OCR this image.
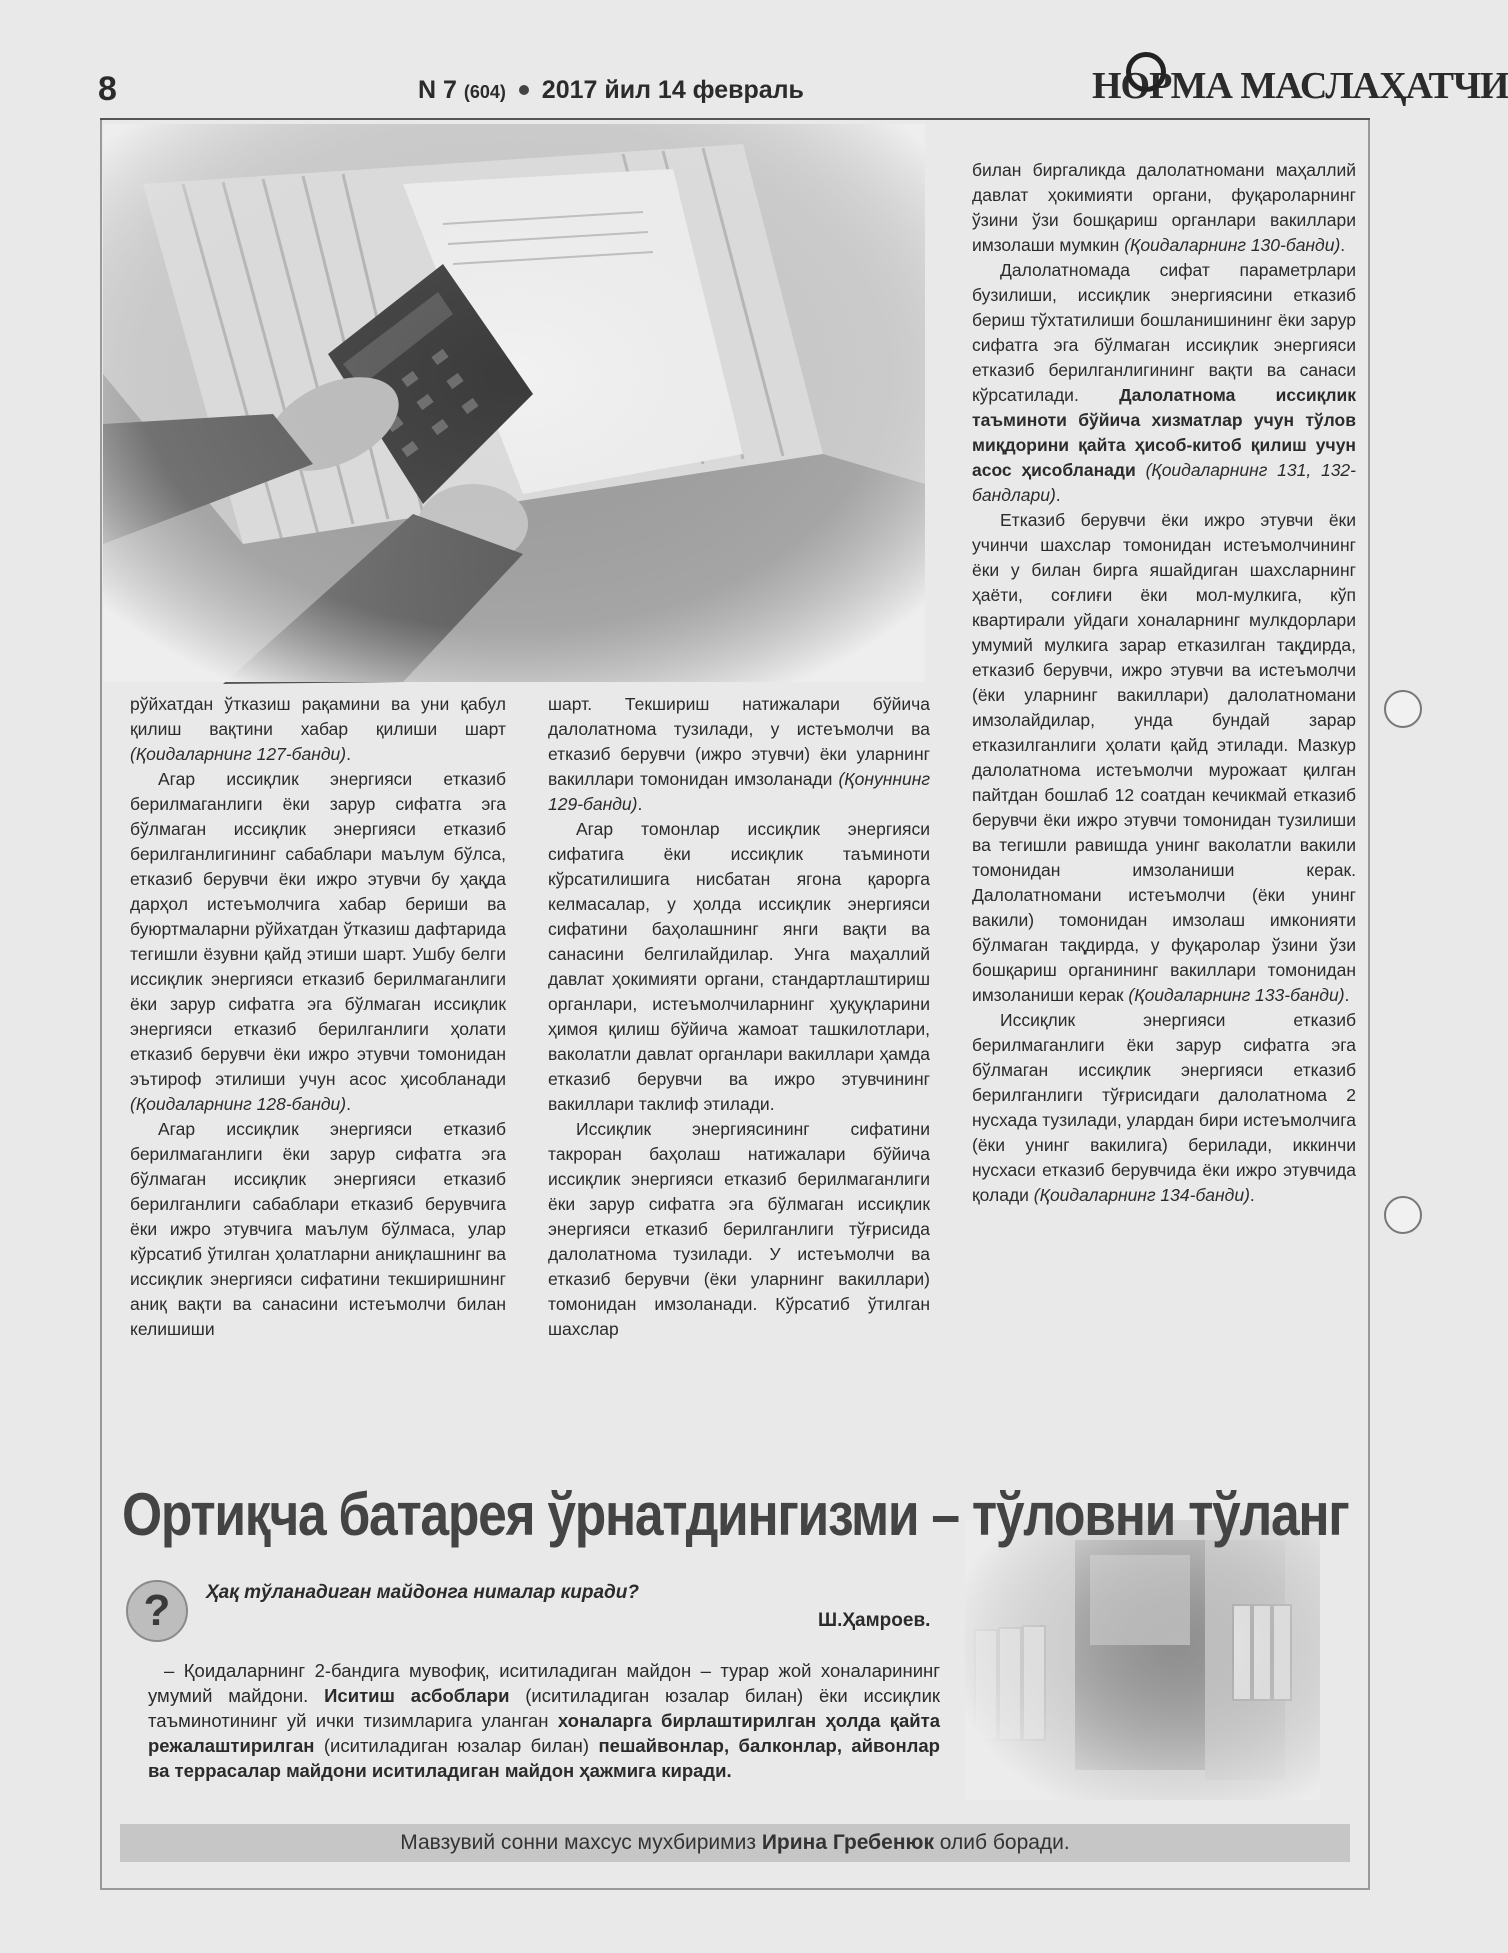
8	N 7 (604) 2017 йил 14 февраль	НОРМА МАСЛАҲАТЧИ

рўйхатдан ўтказиш рақамини ва уни қабул қилиш вақтини хабар қилиши шарт (Қоидаларнинг 127-банди).

Агар иссиқлик энергияси етказиб берилмаганлиги ёки зарур сифатга эга бўлмаган иссиқлик энергияси етказиб берилганлигининг сабаблари маълум бўлса, етказиб берувчи ёки ижро этувчи бу ҳақда дарҳол истеъмолчига хабар бериши ва буюртмаларни рўйхатдан ўтказиш дафтарида тегишли ёзувни қайд этиши шарт. Ушбу белги иссиқлик энергияси етказиб берилмаганлиги ёки зарур сифатга эга бўлмаган иссиқлик энергияси етказиб берилганлиги ҳолати етказиб берувчи ёки ижро этувчи томонидан эътироф этилиши учун асос ҳисобланади (Қоидаларнинг 128-банди).

Агар иссиқлик энергияси етказиб берилмаганлиги ёки зарур сифатга эга бўлмаган иссиқлик энергияси етказиб берилганлиги сабаблари етказиб берувчига ёки ижро этувчига маълум бўлмаса, улар кўрсатиб ўтилган ҳолатларни аниқлашнинг ва иссиқлик энергияси сифатини текширишнинг аниқ вақти ва санасини истеъмолчи билан келишиши

шарт. Текшириш натижалари бўйича далолатнома тузилади, у истеъмолчи ва етказиб берувчи (ижро этувчи) ёки уларнинг вакиллари томонидан имзоланади (Қонуннинг 129-банди).

Агар томонлар иссиқлик энергияси сифатига ёки иссиқлик таъминоти кўрсатилишига нисбатан ягона қарорга келмасалар, у ҳолда иссиқлик энергияси сифатини баҳолашнинг янги вақти ва санасини белгилайдилар. Унга маҳаллий давлат ҳокимияти органи, стандартлаштириш органлари, истеъмолчиларнинг ҳуқуқларини ҳимоя қилиш бўйича жамоат ташкилотлари, ваколатли давлат органлари вакиллари ҳамда етказиб берувчи ва ижро этувчининг вакиллари таклиф этилади.

Иссиқлик энергиясининг сифатини такроран баҳолаш натижалари бўйича иссиқлик энергияси етказиб берилмаганлиги ёки зарур сифатга эга бўлмаган иссиқлик энергияси етказиб берилганлиги тўғрисида далолатнома тузилади. У истеъмолчи ва етказиб берувчи (ёки уларнинг вакиллари) томонидан имзоланади. Кўрсатиб ўтилган шахслар

билан биргаликда далолатномани маҳаллий давлат ҳокимияти органи, фуқароларнинг ўзини ўзи бошқариш органлари вакиллари имзолаши мумкин (Қоидаларнинг 130-банди).

Далолатномада сифат параметрлари бузилиши, иссиқлик энергиясини етказиб бериш тўхтатилиши бошланишининг ёки зарур сифатга эга бўлмаган иссиқлик энергияси етказиб берилганлигининг вақти ва санаси кўрсатилади. Далолатнома иссиқлик таъминоти бўйича хизматлар учун тўлов миқдорини қайта ҳисоб-китоб қилиш учун асос ҳисобланади (Қоидаларнинг 131, 132-бандлари).

Етказиб берувчи ёки ижро этувчи ёки учинчи шахслар томонидан истеъмолчининг ёки у билан бирга яшайдиган шахсларнинг ҳаёти, соғлиғи ёки мол-мулкига, кўп квартирали уйдаги хоналарнинг мулкдорлари умумий мулкига зарар етказилган тақдирда, етказиб берувчи, ижро этувчи ва истеъмолчи (ёки уларнинг вакиллари) далолатномани имзолайдилар, унда бундай зарар етказилганлиги ҳолати қайд этилади. Мазкур далолатнома истеъмолчи мурожаат қилган пайтдан бошлаб 12 соатдан кечикмай етказиб берувчи ёки ижро этувчи томонидан тузилиши ва тегишли равишда унинг ваколатли вакили томонидан имзоланиши керак. Далолатномани истеъмолчи (ёки унинг вакили) томонидан имзолаш имконияти бўлмаган тақдирда, у фуқаролар ўзини ўзи бошқариш органининг вакиллари томонидан имзоланиши керак (Қоидаларнинг 133-банди).

Иссиқлик энергияси етказиб берилмаганлиги ёки зарур сифатга эга бўлмаган иссиқлик энергияси етказиб берилганлиги тўғрисидаги далолатнома 2 нусхада тузилади, улардан бири истеъмолчига (ёки унинг вакилига) берилади, иккинчи нусхаси етказиб берувчида ёки ижро этувчида қолади (Қоидаларнинг 134-банди).

Ортиқча батарея ўрнатдингизми – тўловни тўланг
?	Ҳақ тўланадиган майдонга нималар киради?
Ш.Ҳамроев.
– Қоидаларнинг 2-бандига мувофиқ, иситиладиган майдон – турар жой хоналарининг умумий майдони. Иситиш асбоблари (иситиладиган юзалар билан) ёки иссиқлик таъминотининг уй ички тизимларига уланган хоналарга бирлаштирилган ҳолда қайта режалаштирилган (иситиладиган юзалар билан) пешайвонлар, балконлар, айвонлар ва террасалар майдони иситиладиган майдон ҳажмига киради.
Мавзувий сонни махсус мухбиримиз Ирина Гребенюк олиб боради.
